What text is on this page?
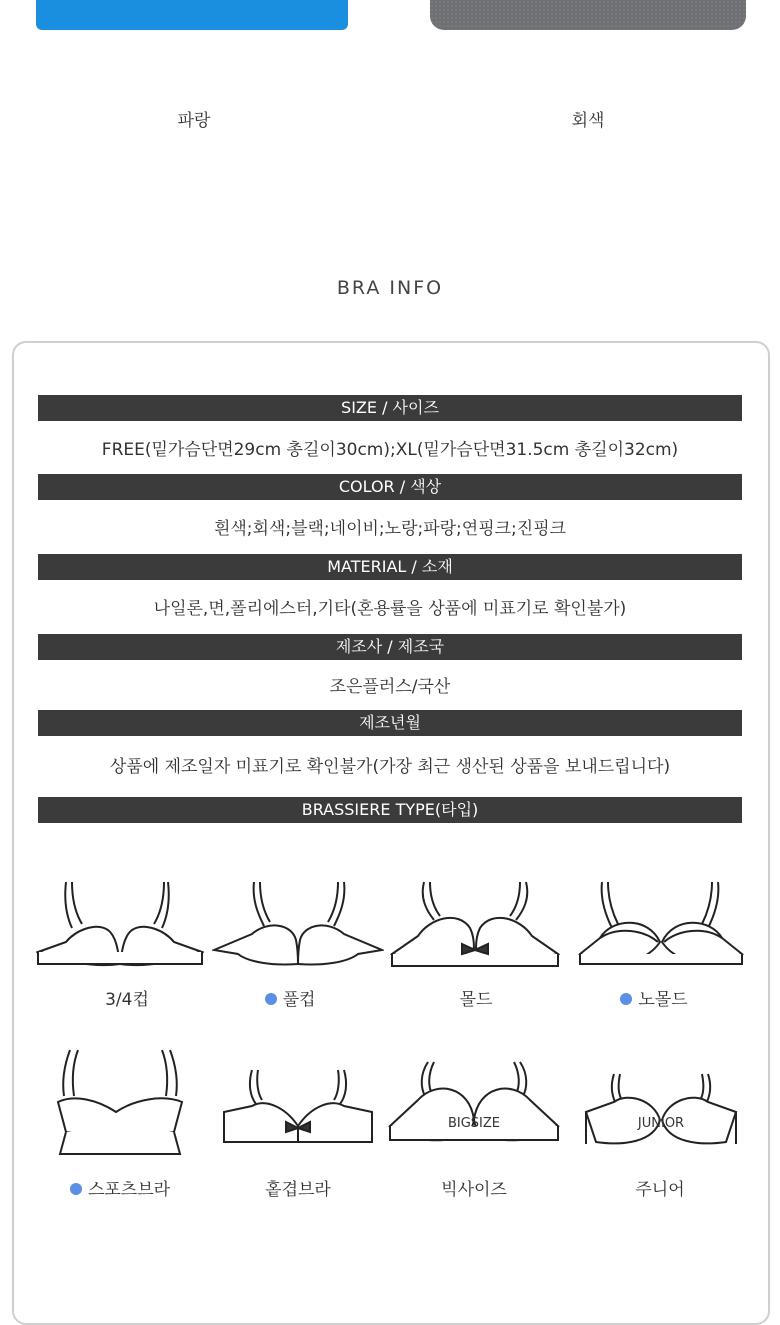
파랑	회색
BRA INFO
SIZE / 사이즈
FREE(밑가슴단면29cm 총길이30cm);XL(밑가슴단면31.5cm 총길이32cm)
COLOR / 색상
흰색;회색;블랙;네이비;노랑;파랑;연핑크;진핑크
MATERIAL / 소재
나일론,면,폴리에스터,기타(혼용률을 상품에 미표기로 확인불가)
제조사 / 제조국
조은플러스/국산
제조년월
상품에 제조일자 미표기로 확인불가(가장 최근 생산된 상품을 보내드립니다)
BRASSIERE TYPE(타입)
3/4컵	풀컵	몰드	노몰드
BIGSIZE	JUNIOR
스포츠브라	홑겹브라	빅사이즈	주니어
